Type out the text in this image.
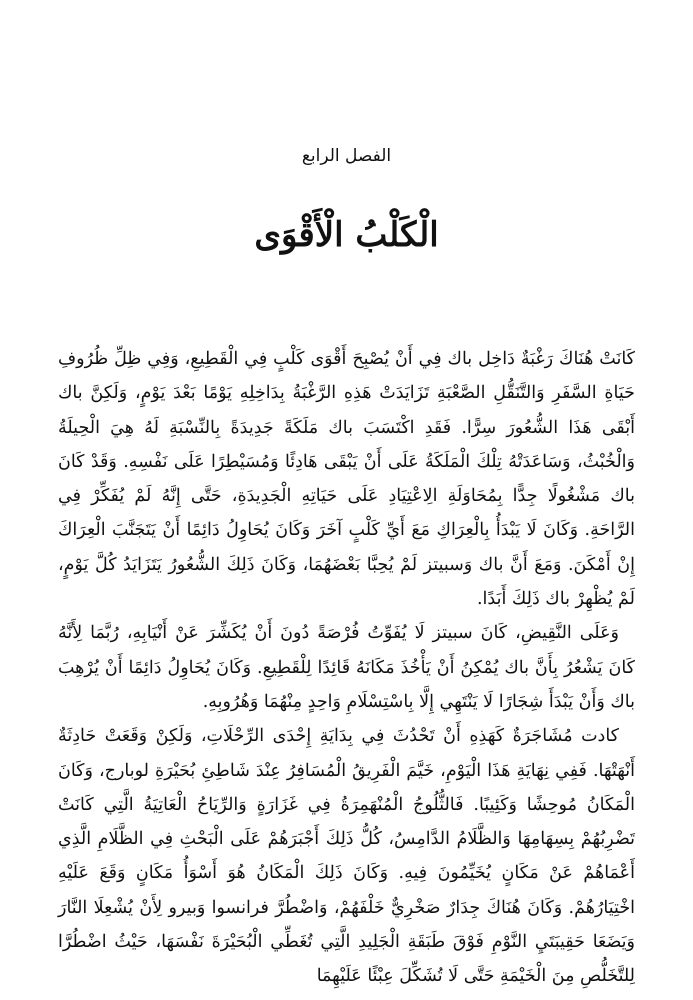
الفصل الرابع
الْكَلْبُ الْأَقْوَى

كَانَتْ هُنَاكَ رَغْبَةٌ دَاخِل باك فِي أَنْ يُصْبِحَ أَقْوَى كَلْبٍ فِي الْقَطِيعِ، وَفِي ظِلِّ ظُرُوفِ حَيَاةِ السَّفَرِ وَالتَّنَقُّلِ الصَّعْبَةِ تَزَايَدَتْ هَذِهِ الرَّغْبَةُ بِدَاخِلِهِ يَوْمًا بَعْدَ يَوْمٍ، وَلَكِنَّ باك أَبْقَى هَذَا الشُّعُورَ سِرًّا. فَقَدِ اكْتَسَبَ باك مَلَكَةً جَدِيدَةً بِالنِّسْبَةِ لَهُ هِيَ الْحِيلَةُ وَالْخُبْثُ، وَسَاعَدَتْهُ تِلْكَ الْمَلَكَةُ عَلَى أَنْ يَبْقَى هَادِئًا وَمُسَيْطِرًا عَلَى نَفْسِهِ. وَقَدْ كَانَ باك مَشْغُولًا جِدًّا بِمُحَاوَلَةِ الِاعْتِيَادِ عَلَى حَيَاتِهِ الْجَدِيدَةِ، حَتَّى إِنَّهُ لَمْ يُفَكِّرْ فِي الرَّاحَةِ. وَكَانَ لَا يَبْدَأُ بِالْعِرَاكِ مَعَ أَيِّ كَلْبٍ آخَرَ وَكَانَ يُحَاوِلُ دَائِمًا أَنْ يَتَجَنَّبَ الْعِرَاكَ إِنْ أَمْكَنَ. وَمَعَ أَنَّ باك وَسبيتز لَمْ يُحِبَّا بَعْضَهُمَا، وَكَانَ ذَلِكَ الشُّعُورُ يَتَزَايَدُ كُلَّ يَوْمٍ، لَمْ يُظْهِرْ باك ذَلِكَ أَبَدًا.

وَعَلَى النَّقِيضِ، كَانَ سبيتز لَا يُفَوِّتُ فُرْصَةً دُونَ أَنْ يُكَشِّرَ عَنْ أَنْيَابِهِ، رُبَّمَا لِأَنَّهُ كَانَ يَشْعُرُ بِأَنَّ باك يُمْكِنُ أَنْ يَأْخُذَ مَكَانَهُ قَائِدًا لِلْقَطِيعِ. وَكَانَ يُحَاوِلُ دَائِمًا أَنْ يُرْهِبَ باك وَأَنْ يَبْدَأَ شِجَارًا لَا يَنْتَهِي إِلَّا بِاسْتِسْلَامِ وَاحِدٍ مِنْهُمَا وَهُرُوبِهِ.

كادت مُشَاجَرَةٌ كَهَذِهِ أَنْ تَحْدُثَ فِي بِدَايَةِ إِحْدَى الرِّحْلَاتِ، وَلَكِنْ وَقَعَتْ حَادِثَةٌ أَنْهَتْهَا. فَفِي نِهَايَةِ هَذَا الْيَوْمِ، خَيَّمَ الْفَرِيقُ الْمُسَافِرُ عِنْدَ شَاطِئِ بُحَيْرَةِ لوبارج، وَكَانَ الْمَكَانُ مُوحِشًا وَكَئِيبًا. فَالثُّلُوجُ الْمُنْهَمِرَةُ فِي غَزَارَةٍ وَالرِّيَاحُ الْعَاتِيَةُ الَّتِي كَانَتْ تَضْرِبُهُمْ بِسِهَامِهَا وَالظَّلَامُ الدَّامِسُ، كُلُّ ذَلِكَ أَجْبَرَهُمْ عَلَى الْبَحْثِ فِي الظَّلَامِ الَّذِي أَعْمَاهُمْ عَنْ مَكَانٍ يُخَيِّمُونَ فِيهِ. وَكَانَ ذَلِكَ الْمَكَانُ هُوَ أَسْوَأُ مَكَانٍ وَقَعَ عَلَيْهِ اخْتِيَارُهُمْ. وَكَانَ هُنَاكَ جِدَارٌ صَخْرِيٌّ خَلْفَهُمْ، وَاضْطُرَّ فرانسوا وَبيرو لِأَنْ يُشْعِلَا النَّارَ وَيَضَعَا حَقِيبَتَيِ النَّوْمِ فَوْقَ طَبَقَةِ الْجَلِيدِ الَّتِي تُغَطِّي الْبُحَيْرَةَ نَفْسَهَا، حَيْثُ اضْطُرَّا لِلتَّخَلُّصِ مِنَ الْخَيْمَةِ حَتَّى لَا تُشَكِّلَ عِبْئًا عَلَيْهِمَا
